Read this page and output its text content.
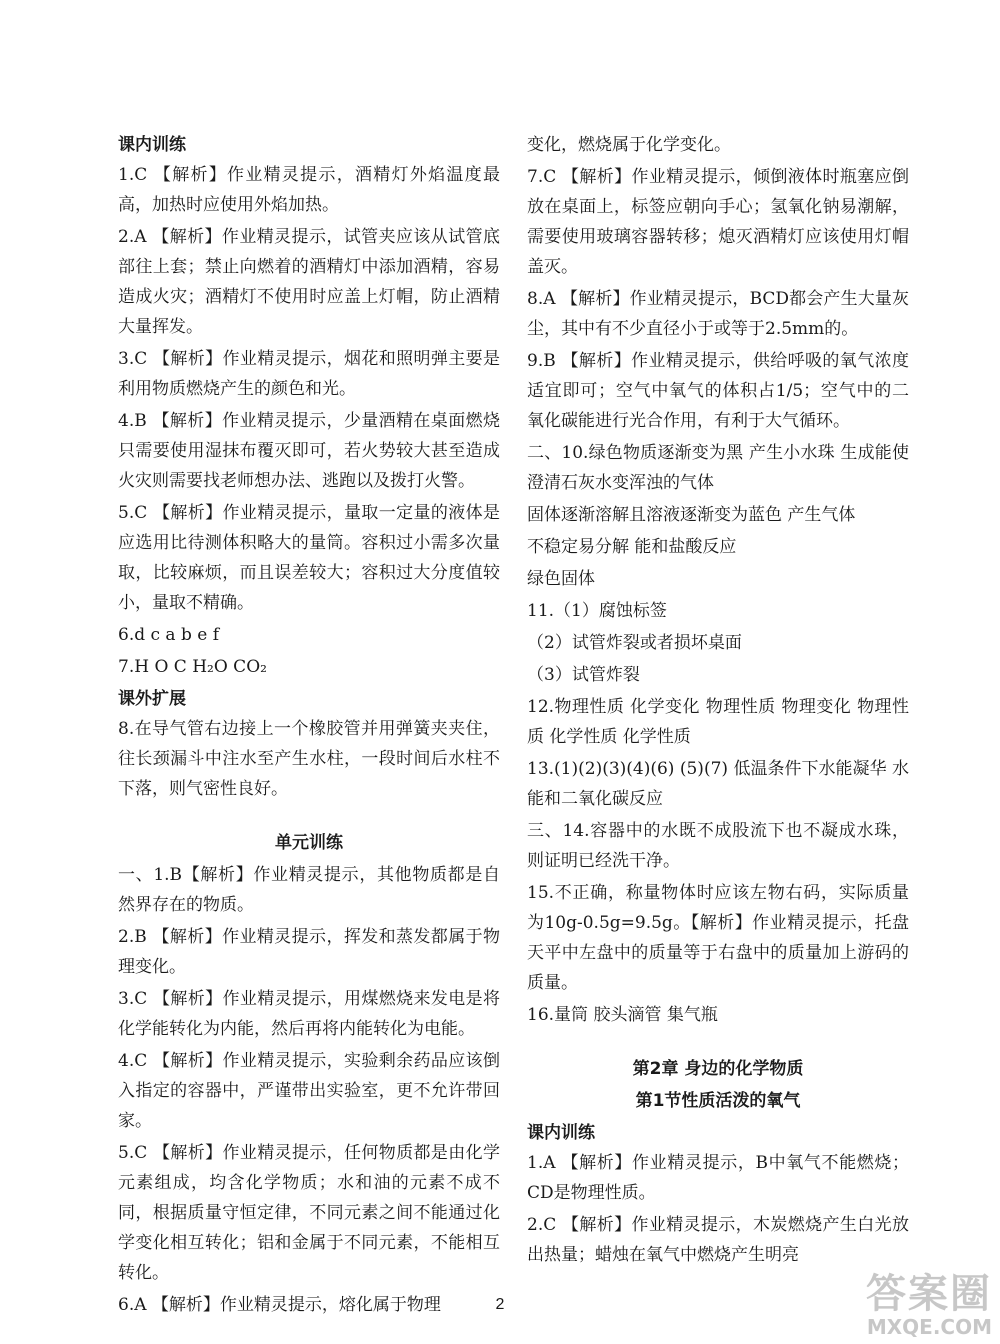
课内训练

1.C 【解析】作业精灵提示，酒精灯外焰温度最高，加热时应使用外焰加热。

2.A 【解析】作业精灵提示，试管夹应该从试管底部往上套；禁止向燃着的酒精灯中添加酒精，容易造成火灾；酒精灯不使用时应盖上灯帽，防止酒精大量挥发。

3.C 【解析】作业精灵提示，烟花和照明弹主要是利用物质燃烧产生的颜色和光。

4.B 【解析】作业精灵提示，少量酒精在桌面燃烧只需要使用湿抹布覆灭即可，若火势较大甚至造成火灾则需要找老师想办法、逃跑以及拨打火警。

5.C 【解析】作业精灵提示，量取一定量的液体是应选用比待测体积略大的量筒。容积过小需多次量取，比较麻烦，而且误差较大；容积过大分度值较小，量取不精确。

6.d c a b e f

7.H O C H₂O CO₂

课外扩展

8.在导气管右边接上一个橡胶管并用弹簧夹夹住，往长颈漏斗中注水至产生水柱，一段时间后水柱不下落，则气密性良好。

单元训练

一、1.B【解析】作业精灵提示，其他物质都是自然界存在的物质。

2.B 【解析】作业精灵提示，挥发和蒸发都属于物理变化。

3.C 【解析】作业精灵提示，用煤燃烧来发电是将化学能转化为内能，然后再将内能转化为电能。

4.C 【解析】作业精灵提示，实验剩余药品应该倒入指定的容器中，严谨带出实验室，更不允许带回家。

5.C 【解析】作业精灵提示，任何物质都是由化学元素组成，均含化学物质；水和油的元素不成不同，根据质量守恒定律，不同元素之间不能通过化学变化相互转化；铝和金属于不同元素，不能相互转化。

6.A 【解析】作业精灵提示，熔化属于物理

变化，燃烧属于化学变化。

7.C 【解析】作业精灵提示，倾倒液体时瓶塞应倒放在桌面上，标签应朝向手心；氢氧化钠易潮解，需要使用玻璃容器转移；熄灭酒精灯应该使用灯帽盖灭。

8.A 【解析】作业精灵提示，BCD都会产生大量灰尘，其中有不少直径小于或等于2.5mm的。

9.B 【解析】作业精灵提示，供给呼吸的氧气浓度适宜即可；空气中氧气的体积占1/5；空气中的二氧化碳能进行光合作用，有利于大气循环。

二、10.绿色物质逐渐变为黑 产生小水珠 生成能使澄清石灰水变浑浊的气体

固体逐渐溶解且溶液逐渐变为蓝色 产生气体

不稳定易分解 能和盐酸反应

绿色固体

11.（1）腐蚀标签

（2）试管炸裂或者损坏桌面

（3）试管炸裂

12.物理性质 化学变化 物理性质 物理变化 物理性质 化学性质 化学性质

13.(1)(2)(3)(4)(6) (5)(7) 低温条件下水能凝华 水能和二氧化碳反应

三、14.容器中的水既不成股流下也不凝成水珠，则证明已经洗干净。

15.不正确，称量物体时应该左物右码，实际质量为10g-0.5g=9.5g。【解析】作业精灵提示，托盘天平中左盘中的质量等于右盘中的质量加上游码的质量。

16.量筒 胶头滴管 集气瓶

第2章 身边的化学物质

第1节性质活泼的氧气

课内训练

1.A 【解析】作业精灵提示，B中氧气不能燃烧；CD是物理性质。

2.C 【解析】作业精灵提示，木炭燃烧产生白光放出热量；蜡烛在氧气中燃烧产生明亮

2	答案圈
MXQE.COM
